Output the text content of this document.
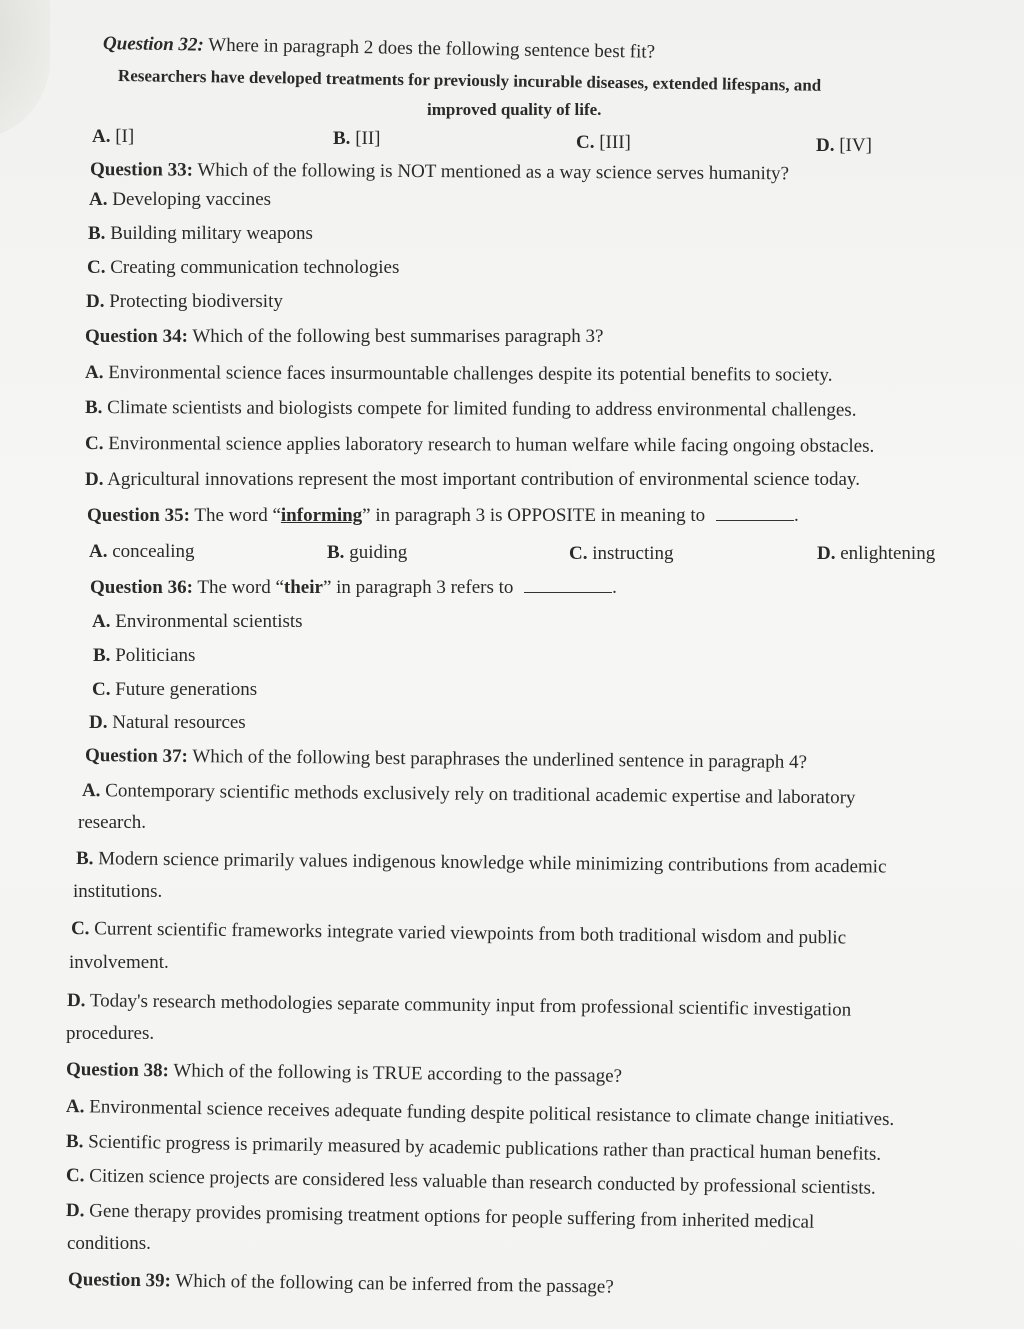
Question 32: Where in paragraph 2 does the following sentence best fit?
Researchers have developed treatments for previously incurable diseases, extended lifespans, and
improved quality of life.
A. [I]	B. [II]	C. [III]	D. [IV]
Question 33: Which of the following is NOT mentioned as a way science serves humanity?
A. Developing vaccines
B. Building military weapons
C. Creating communication technologies
D. Protecting biodiversity
Question 34: Which of the following best summarises paragraph 3?
A. Environmental science faces insurmountable challenges despite its potential benefits to society.
B. Climate scientists and biologists compete for limited funding to address environmental challenges.
C. Environmental science applies laboratory research to human welfare while facing ongoing obstacles.
D. Agricultural innovations represent the most important contribution of environmental science today.
Question 35: The word “informing” in paragraph 3 is OPPOSITE in meaning to	.
A. concealing	B. guiding	C. instructing	D. enlightening
Question 36: The word “their” in paragraph 3 refers to	.
A. Environmental scientists
B. Politicians
C. Future generations
D. Natural resources
Question 37: Which of the following best paraphrases the underlined sentence in paragraph 4?
A. Contemporary scientific methods exclusively rely on traditional academic expertise and laboratory
research.
B. Modern science primarily values indigenous knowledge while minimizing contributions from academic
institutions.
C. Current scientific frameworks integrate varied viewpoints from both traditional wisdom and public
involvement.
D. Today's research methodologies separate community input from professional scientific investigation
procedures.
Question 38: Which of the following is TRUE according to the passage?
A. Environmental science receives adequate funding despite political resistance to climate change initiatives.
B. Scientific progress is primarily measured by academic publications rather than practical human benefits.
C. Citizen science projects are considered less valuable than research conducted by professional scientists.
D. Gene therapy provides promising treatment options for people suffering from inherited medical
conditions.
Question 39: Which of the following can be inferred from the passage?
